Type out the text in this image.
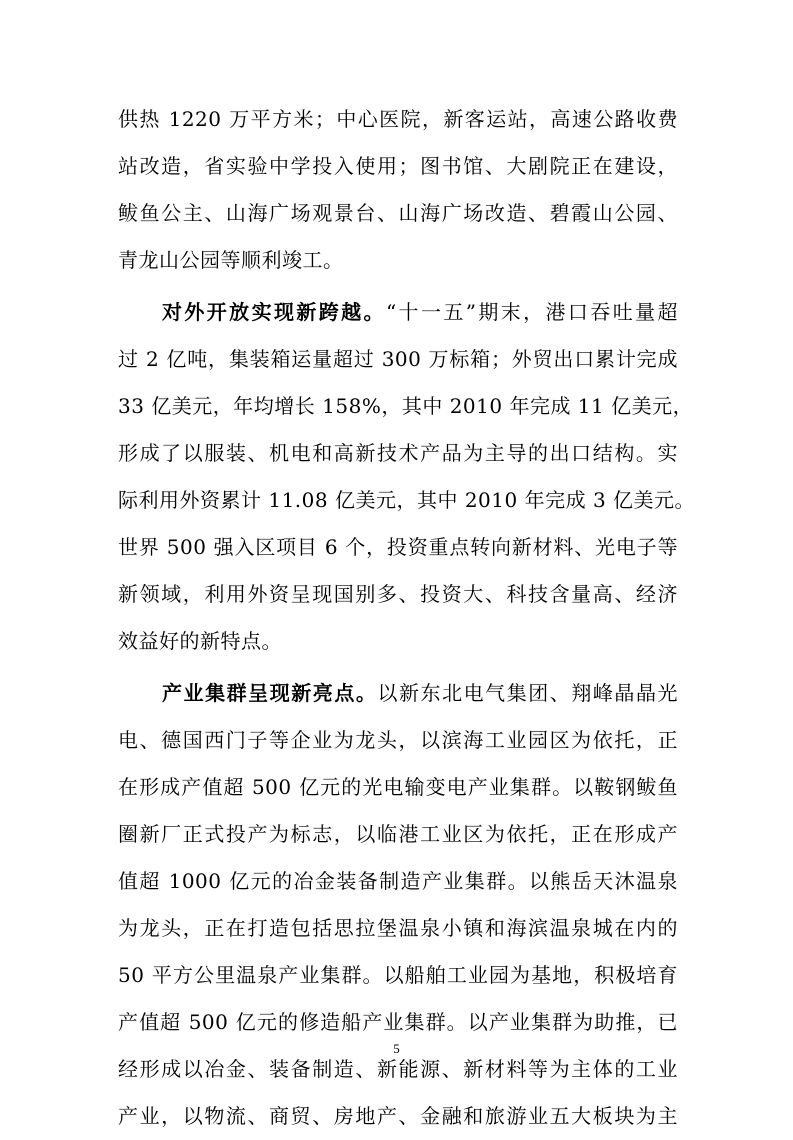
供热 1220 万平方米；中心医院，新客运站，高速公路收费
站改造，省实验中学投入使用；图书馆、大剧院正在建设，
鲅鱼公主、山海广场观景台、山海广场改造、碧霞山公园、
青龙山公园等顺利竣工。
对外开放实现新跨越。“十一五”期末，港口吞吐量超
过 2 亿吨，集装箱运量超过 300 万标箱；外贸出口累计完成
33 亿美元，年均增长 158%，其中 2010 年完成 11 亿美元，
形成了以服装、机电和高新技术产品为主导的出口结构。实
际利用外资累计 11.08 亿美元，其中 2010 年完成 3 亿美元。
世界 500 强入区项目 6 个，投资重点转向新材料、光电子等
新领域，利用外资呈现国别多、投资大、科技含量高、经济
效益好的新特点。
产业集群呈现新亮点。以新东北电气集团、翔峰晶晶光
电、德国西门子等企业为龙头，以滨海工业园区为依托，正
在形成产值超 500 亿元的光电输变电产业集群。以鞍钢鲅鱼
圈新厂正式投产为标志，以临港工业区为依托，正在形成产
值超 1000 亿元的冶金装备制造产业集群。以熊岳天沐温泉
为龙头，正在打造包括思拉堡温泉小镇和海滨温泉城在内的
50 平方公里温泉产业集群。以船舶工业园为基地，积极培育
产值超 500 亿元的修造船产业集群。以产业集群为助推，已
经形成以冶金、装备制造、新能源、新材料等为主体的工业
产业，以物流、商贸、房地产、金融和旅游业五大板块为主
5
